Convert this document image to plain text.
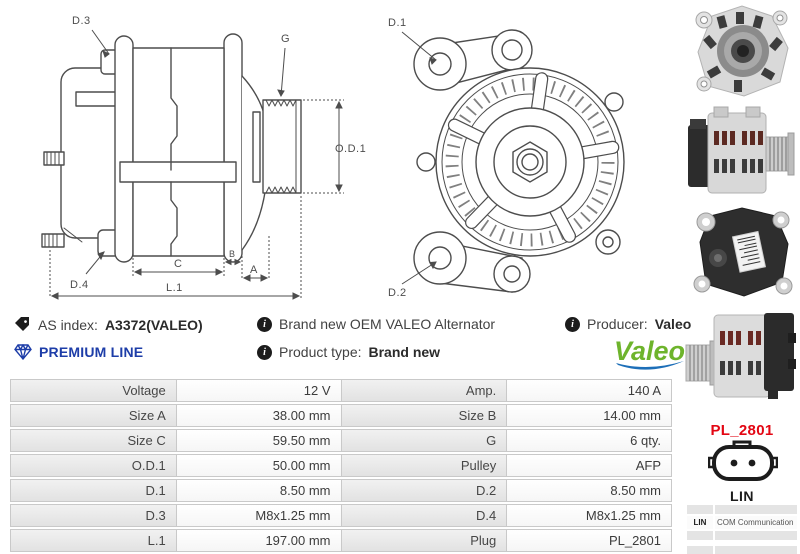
D.3
G
O.D.1
D.4
C
B
A
L.1
D.1
D.2
AS index: A3372(VALEO)
PREMIUM LINE
i Brand new OEM VALEO Alternator
i Product type: Brand new
i Producer: Valeo
Valeo
Voltage	12 V	Amp.	140 A
Size A	38.00 mm	Size B	14.00 mm
Size C	59.50 mm	G	6 qty.
O.D.1	50.00 mm	Pulley	AFP
D.1	8.50 mm	D.2	8.50 mm
D.3	M8x1.25 mm	D.4	M8x1.25 mm
L.1	197.00 mm	Plug	PL_2801
PL_2801
LIN
LIN	COM Communication
